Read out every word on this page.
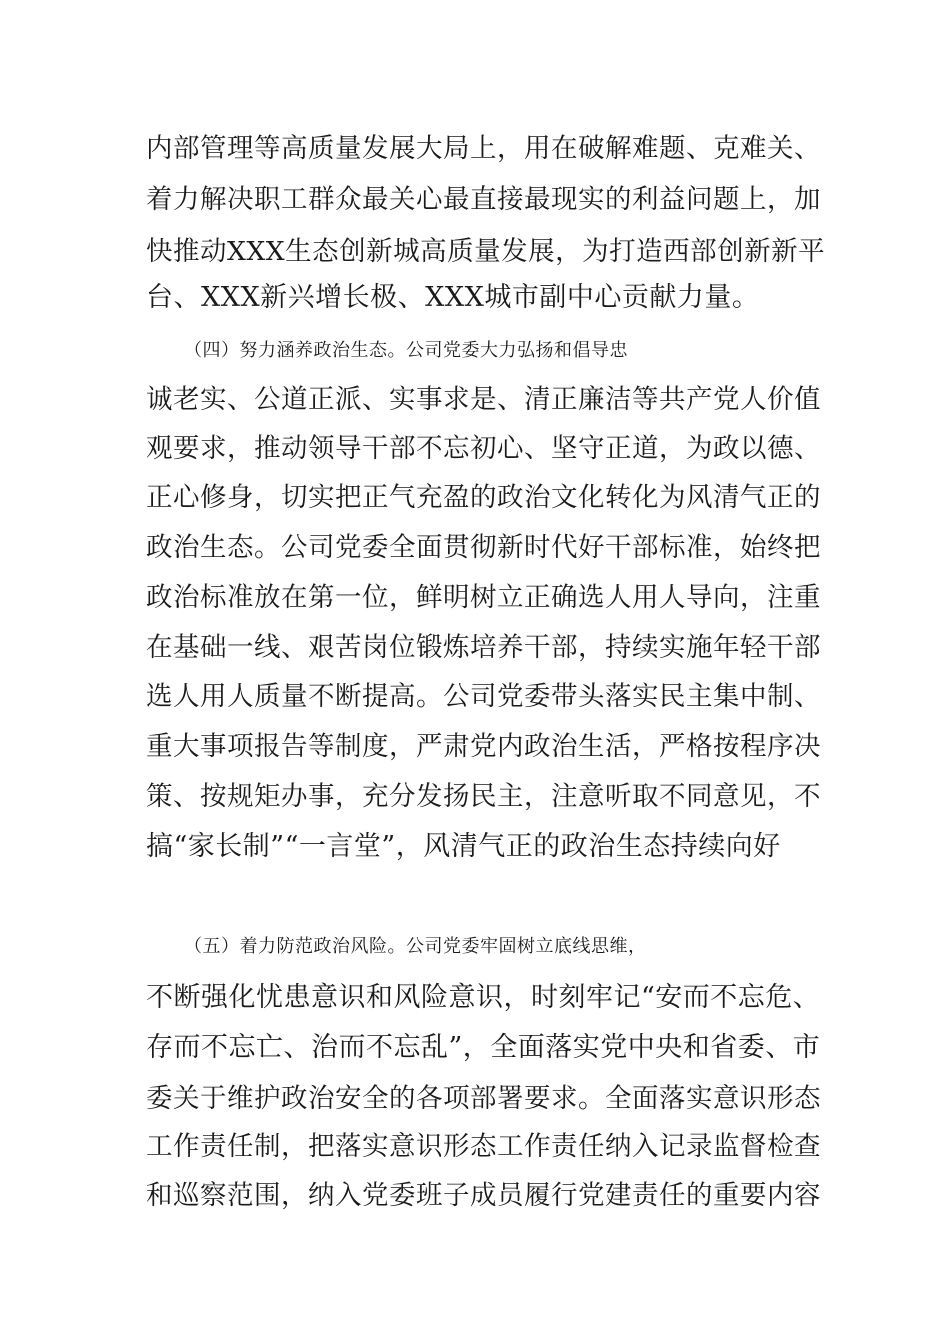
内部管理等高质量发展大局上，用在破解难题、克难关、
着力解决职工群众最关心最直接最现实的利益问题上，加
快推动XXX生态创新城高质量发展，为打造西部创新新平
台、XXX新兴增长极、XXX城市副中心贡献力量。
（四）努力涵养政治生态。公司党委大力弘扬和倡导忠
诚老实、公道正派、实事求是、清正廉洁等共产党人价值
观要求，推动领导干部不忘初心、坚守正道，为政以德、
正心修身，切实把正气充盈的政治文化转化为风清气正的
政治生态。公司党委全面贯彻新时代好干部标准，始终把
政治标准放在第一位，鲜明树立正确选人用人导向，注重
在基础一线、艰苦岗位锻炼培养干部，持续实施年轻干部
选人用人质量不断提高。公司党委带头落实民主集中制、
重大事项报告等制度，严肃党内政治生活，严格按程序决
策、按规矩办事，充分发扬民主，注意听取不同意见，不
搞“家长制”“一言堂”，风清气正的政治生态持续向好
（五）着力防范政治风险。公司党委牢固树立底线思维，
不断强化忧患意识和风险意识，时刻牢记“安而不忘危、
存而不忘亡、治而不忘乱”，全面落实党中央和省委、市
委关于维护政治安全的各项部署要求。全面落实意识形态
工作责任制，把落实意识形态工作责任纳入记录监督检查
和巡察范围，纳入党委班子成员履行党建责任的重要内容
